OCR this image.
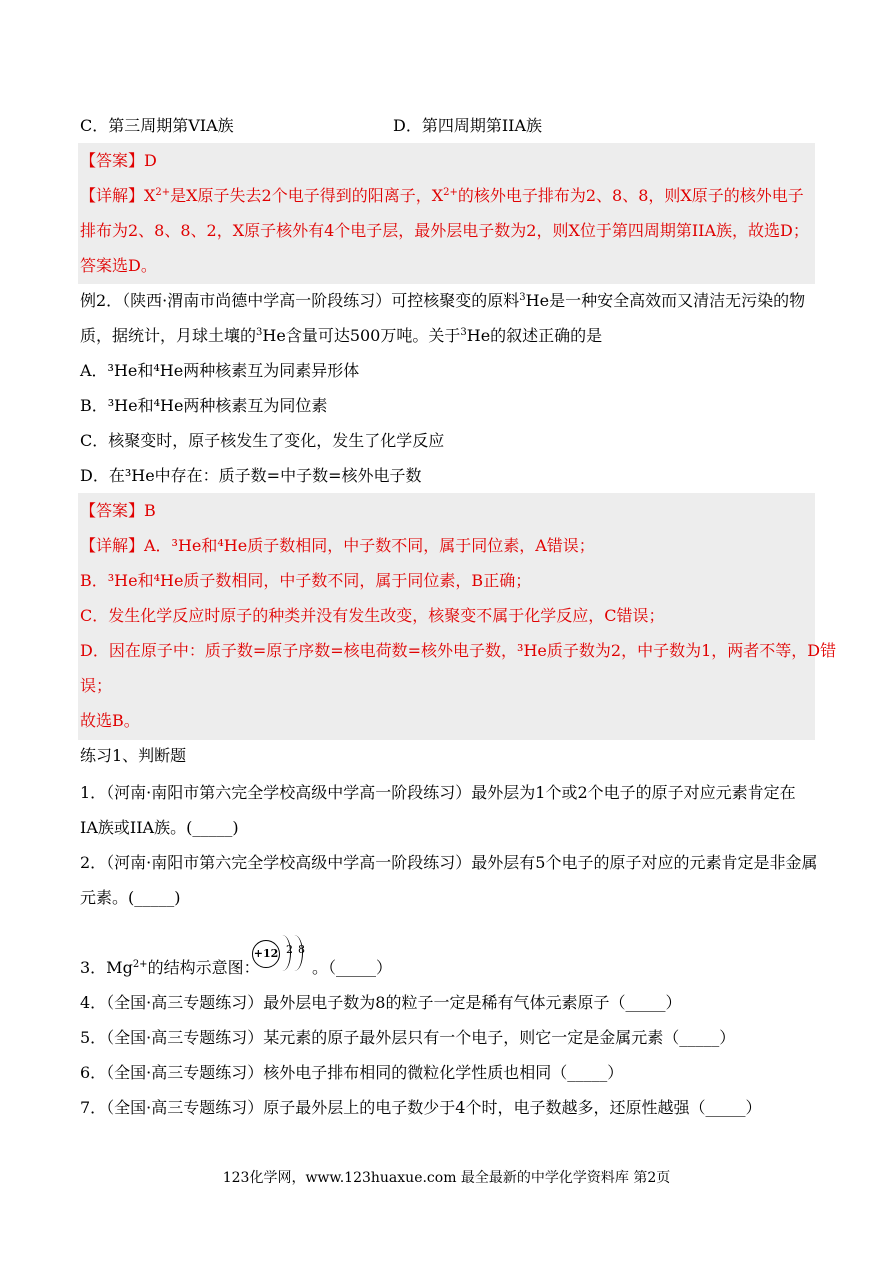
C．第三周期第VIA族	D．第四周期第IIA族
【答案】D
【详解】$X^{2+}$是X原子失去2个电子得到的阳离子，$X^{2+}$的核外电子排布为2、8、8，则X原子的核外电子
排布为2、8、8、2，X原子核外有4个电子层，最外层电子数为2，则X位于第四周期第IIA族，故选D；
答案选D。
例2．（陕西·渭南市尚德中学高一阶段练习）可控核聚变的原料$^3$He是一种安全高效而又清洁无污染的物
质，据统计，月球土壤的$^3$He含量可达500万吨。关于$^3$He的叙述正确的是
A．³He和⁴He两种核素互为同素异形体
B．³He和⁴He两种核素互为同位素
C．核聚变时，原子核发生了变化，发生了化学反应
D．在³He中存在：质子数=中子数=核外电子数
【答案】B
【详解】A．³He和⁴He质子数相同，中子数不同，属于同位素，A错误；
B．³He和⁴He质子数相同，中子数不同，属于同位素，B正确；
C．发生化学反应时原子的种类并没有发生改变，核聚变不属于化学反应，C错误；
D．因在原子中：质子数=原子序数=核电荷数=核外电子数，³He质子数为2，中子数为1，两者不等，D错
误；
故选B。
练习1、判断题
1．（河南·南阳市第六完全学校高级中学高一阶段练习）最外层为1个或2个电子的原子对应元素肯定在
IA族或IIA族。(_____)
2．（河南·南阳市第六完全学校高级中学高一阶段练习）最外层有5个电子的原子对应的元素肯定是非金属
元素。(_____)
3．$Mg^{2+}$的结构示意图：
+12 2 8
。（_____）
4．（全国·高三专题练习）最外层电子数为8的粒子一定是稀有气体元素原子（_____）
5．（全国·高三专题练习）某元素的原子最外层只有一个电子，则它一定是金属元素（_____）
6．（全国·高三专题练习）核外电子排布相同的微粒化学性质也相同（_____）
7．（全国·高三专题练习）原子最外层上的电子数少于4个时，电子数越多，还原性越强（_____）
123化学网，www.123huaxue.com 最全最新的中学化学资料库 第2页
